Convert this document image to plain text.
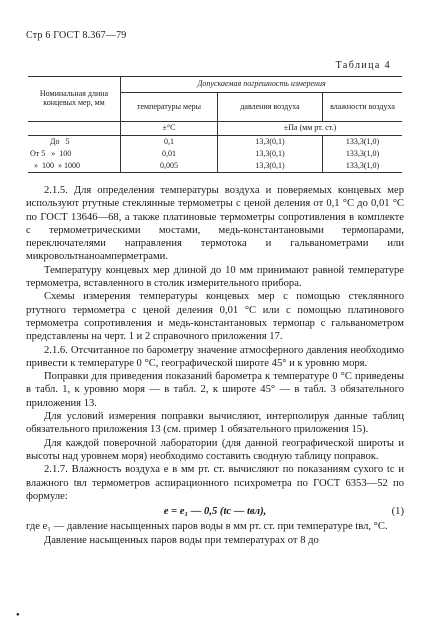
Стр 6 ГОСТ 8.367—79
Таблица 4
Номинальная длина концевых мер, мм	Допускаемая погрешность измерения		
	температуры меры	давления воздуха	влажности воздуха
	±°С	±Па (мм рт. ст.)	
До   5	0,1	13,3(0,1)	133,3(1,0)
От 5   »  100	0,01	13,3(0,1)	133,3(1,0)
»  100  » 1000	0,005	13,3(0,1)	133,3(1,0)

2.1.5. Для определения температуры воздуха и поверяемых концевых мер используют ртутные стеклянные термометры с ценой деления от 0,1 °С до 0,01 °С по ГОСТ 13646—68, а также платиновые термометры сопротивления в комплекте с термометрическими мостами, медь-константановыми термопарами, переключателями направления термотока и гальванометрами или микровольтнаноамперметрами.

Температуру концевых мер длиной до 10 мм принимают равной температуре термометра, вставленного в столик измерительного прибора.

Схемы измерения температуры концевых мер с помощью стеклянного ртутного термометра с ценой деления 0,01 °С или с помощью платинового термометра сопротивления и медь-константановых термопар с гальванометром представлены на черт. 1 и 2 справочного приложения 17.

2.1.6. Отсчитанное по барометру значение атмосферного давления необходимо привести к температуре 0 °С, географической широте 45° и к уровню моря.

Поправки для приведения показаний барометра к температуре 0 °С приведены в табл. 1, к уровню моря — в табл. 2, к широте 45° — в табл. 3 обязательного приложения 13.

Для условий измерения поправки вычисляют, интерполируя данные таблиц обязательного приложения 13 (см. пример 1 обязательного приложения 15).

Для каждой поверочной лаборатории (для данной географической широты и высоты над уровнем моря) необходимо составить сводную таблицу поправок.

2.1.7. Влажность воздуха e в мм рт. ст. вычисляют по показаниям сухого tс и влажного tвл термометров аспирационного психрометра по ГОСТ 6353—52 по формуле:

e = e₁ — 0,5 (tс — tвл),	(1)

где e₁ — давление насыщенных паров воды в мм рт. ст. при температуре tвл, °С.

Давление насыщенных паров воды при температурах от 8 до

●
